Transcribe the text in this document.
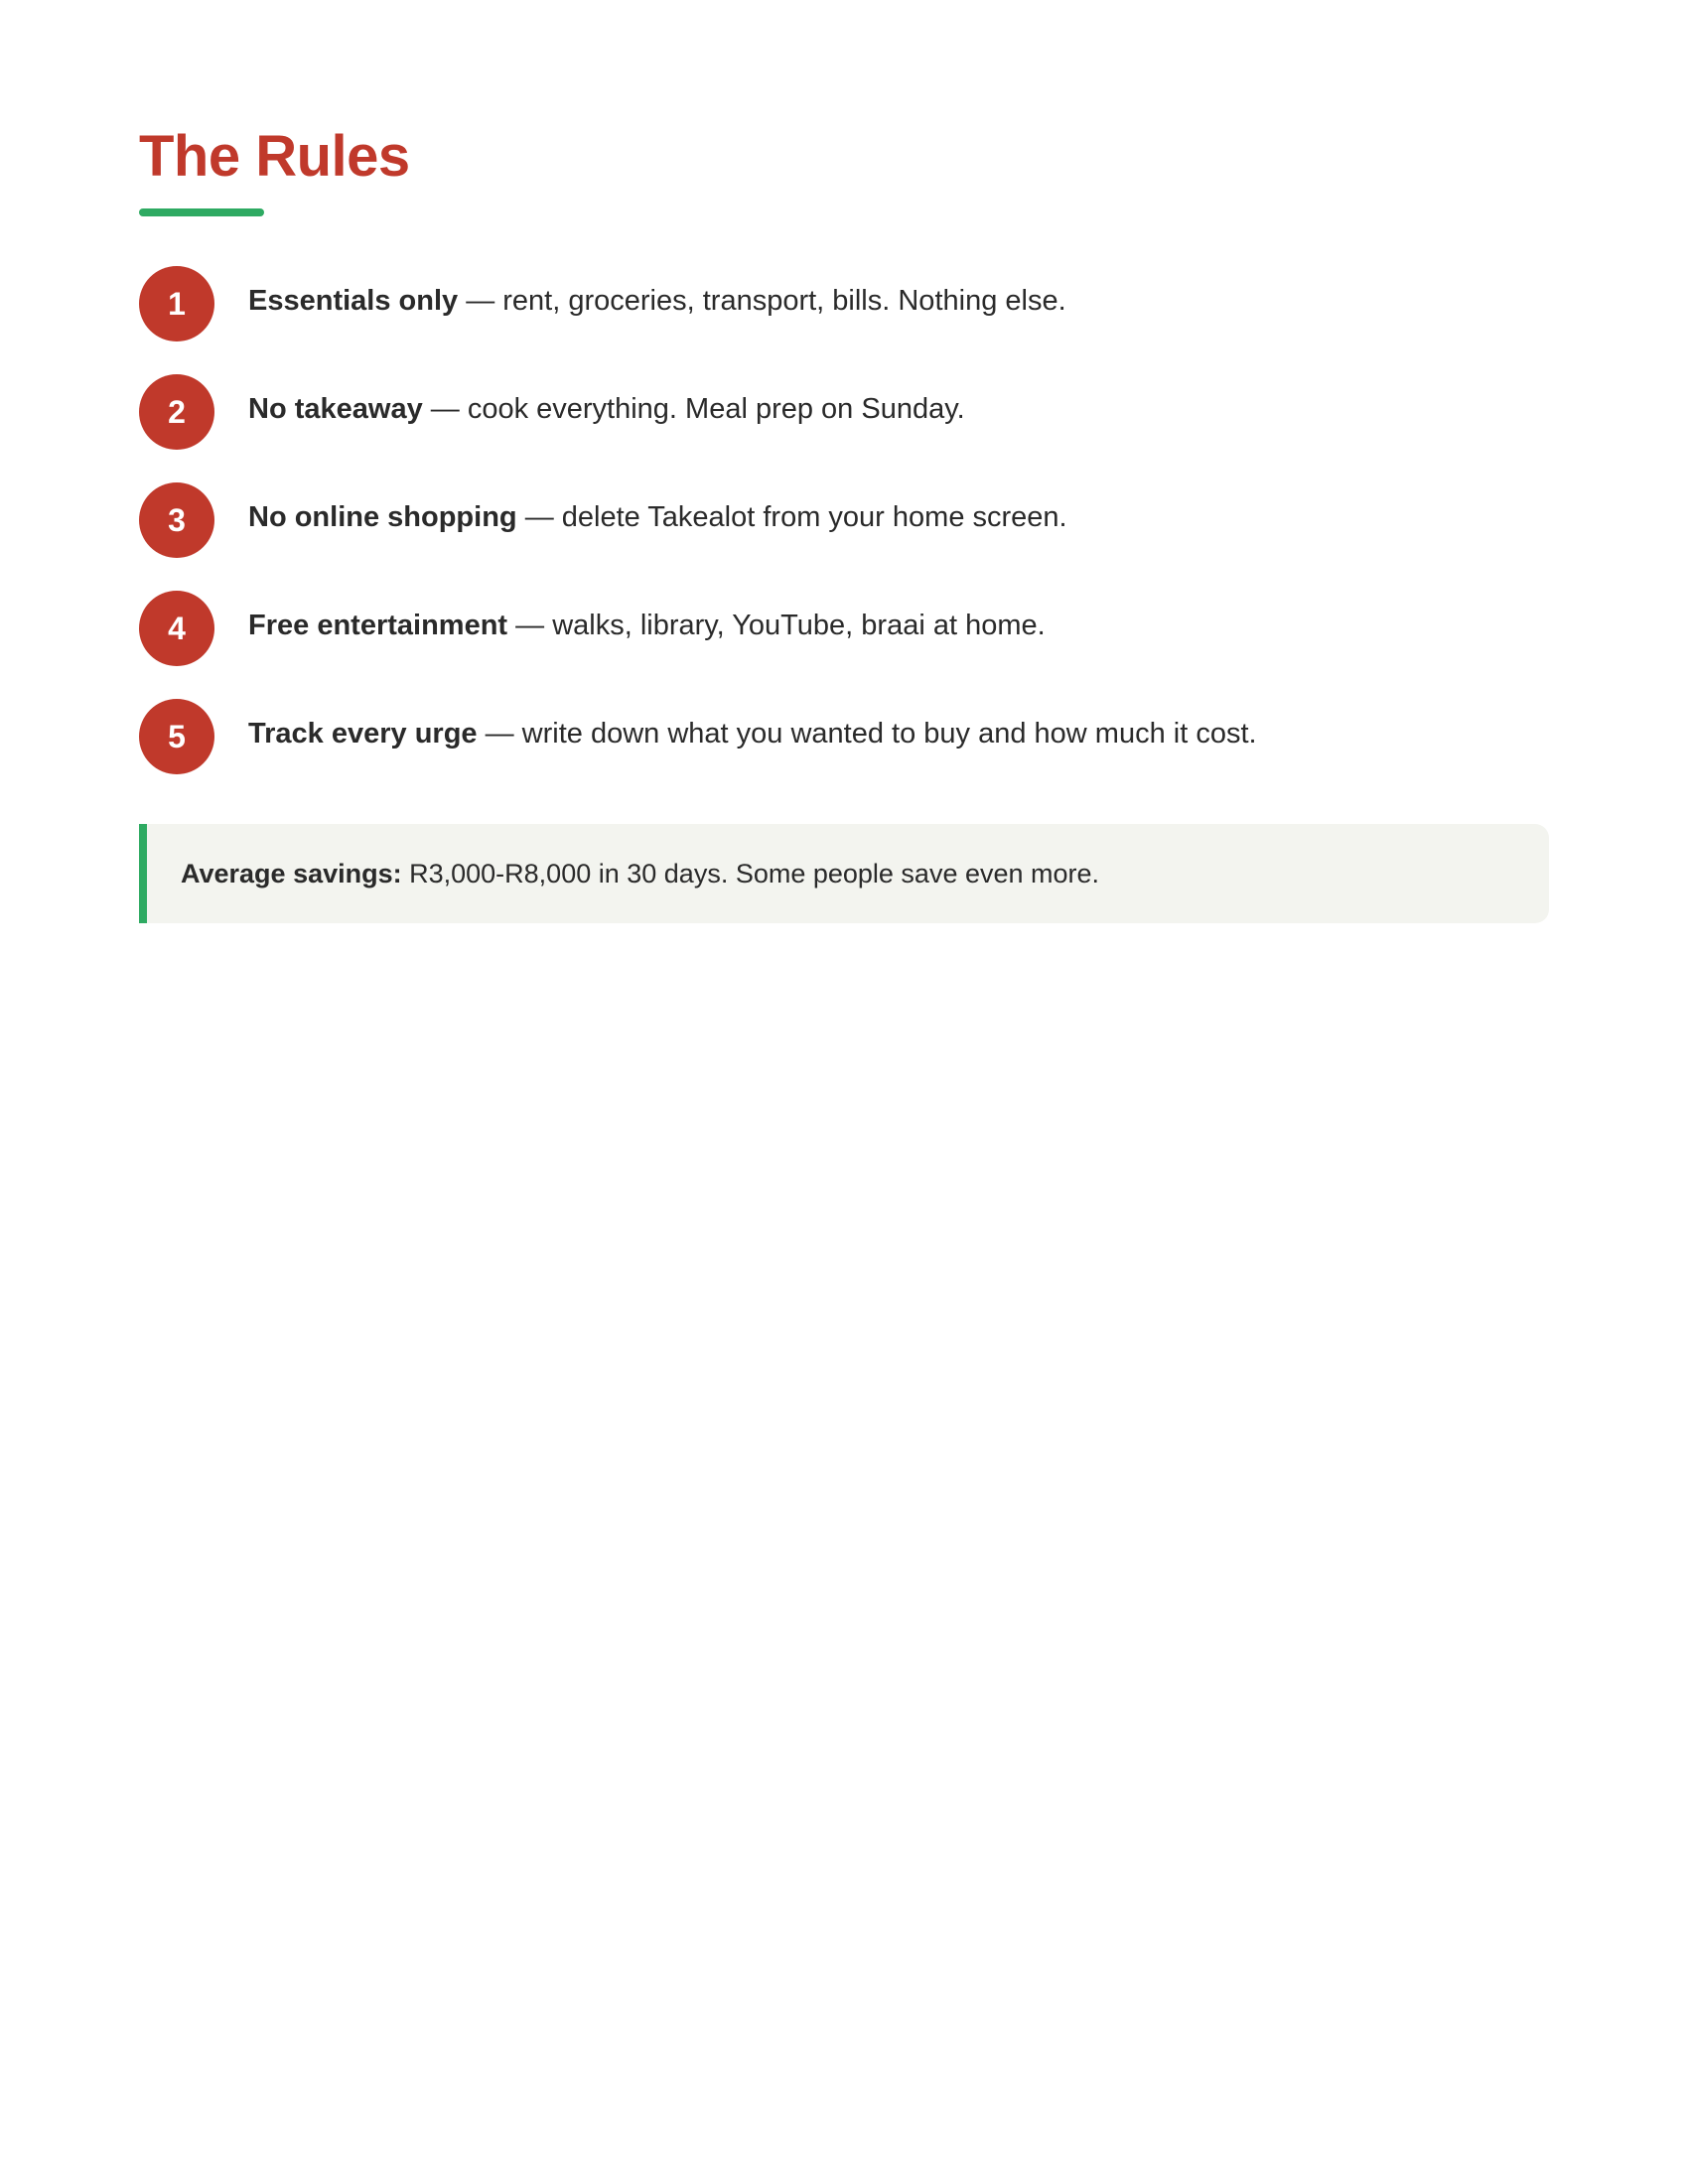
The Rules
1	Essentials only — rent, groceries, transport, bills. Nothing else.
2	No takeaway — cook everything. Meal prep on Sunday.
3	No online shopping — delete Takealot from your home screen.
4	Free entertainment — walks, library, YouTube, braai at home.
5	Track every urge — write down what you wanted to buy and how much it cost.
Average savings: R3,000-R8,000 in 30 days. Some people save even more.
